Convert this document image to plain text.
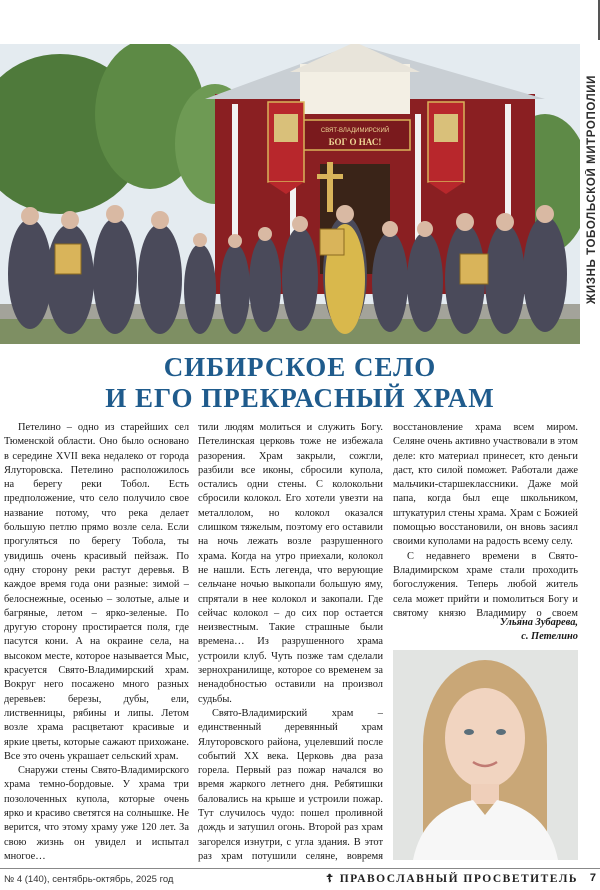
ЖИЗНЬ ТОБОЛЬСКОЙ МИТРОПОЛИИ
СВЯТ-ВЛАДИМИРСКИЙ
БОГ О НАС!
СИБИРСКОЕ СЕЛО
И ЕГО ПРЕКРАСНЫЙ ХРАМ

Петелино – одно из старейших сел Тюменской области. Оно было основано в середине XVII века недалеко от города Ялуторовска. Петелино расположилось на берегу реки Тобол. Есть предположение, что село получило свое название потому, что река делает большую петлю прямо возле села. Если прогуляться по берегу Тобола, ты увидишь очень красивый пейзаж. По одну сторону реки растут деревья. В каждое время года они разные: зимой – белоснежные, осенью – золотые, алые и багряные, летом – ярко-зеленые. По другую сторону простирается поля, где пасутся кони. А на окраине села, на высоком месте, которое называется Мыс, красуется Свято-Владимирский храм. Вокруг него посажено много разных деревьев: березы, дубы, ели, лиственницы, рябины и липы. Летом возле храма расцветают красивые и яркие цветы, которые сажают прихожане. Все это очень украшает сельский храм.

Снаружи стены Свято-Владимирского храма темно-бордовые. У храма три позолоченных купола, которые очень ярко и красиво светятся на солнышке. Не верится, что этому храму уже 120 лет. За свою жизнь он увидел и испытал многое…

тили людям молиться и служить Богу. Петелинская церковь тоже не избежала разорения. Храм закрыли, сожгли, разбили все иконы, сбросили купола, остались одни стены. С колокольни сбросили колокол. Его хотели увезти на металлолом, но колокол оказался слишком тяжелым, поэтому его оставили на ночь лежать возле разрушенного храма. Когда на утро приехали, колокол не нашли. Есть легенда, что верующие сельчане ночью выкопали большую яму, спрятали в нее колокол и закопали. Где сейчас колокол – до сих пор остается неизвестным. Такие страшные были времена… Из разрушенного храма устроили клуб. Чуть позже там сделали зернохранилище, которое со временем за ненадобностью оставили на произвол судьбы.

Свято-Владимирский храм – единственный деревянный храм Ялуторовского района, уцелевший после событий XX века. Церковь два раза горела. Первый раз пожар начался во время жаркого летнего дня. Ребятишки баловались на крыше и устроили пожар. Тут случилось чудо: пошел проливной дождь и затушил огонь. Второй раз храм загорелся изнутри, с угла здания. В этот раз храм потушили селяне, вовремя

восстановление храма всем миром. Селяне очень активно участвовали в этом деле: кто материал принесет, кто деньги даст, кто силой поможет. Работали даже мальчики-старшеклассники. Даже мой папа, когда был еще школьником, штукатурил стены храма. Храм с Божией помощью восстановили, он вновь засиял своими куполами на радость всему селу.

С недавнего времени в Свято-Владимирском храме стали проходить богослужения. Теперь любой житель села может прийти и помолиться Богу и святому князю Владимиру о своем

Ульяна Зубарева,
с. Петелино
№ 4 (140), сентябрь-октябрь, 2025 год	☦ ПРАВОСЛАВНЫЙ ПРОСВЕТИТЕЛЬ 7
